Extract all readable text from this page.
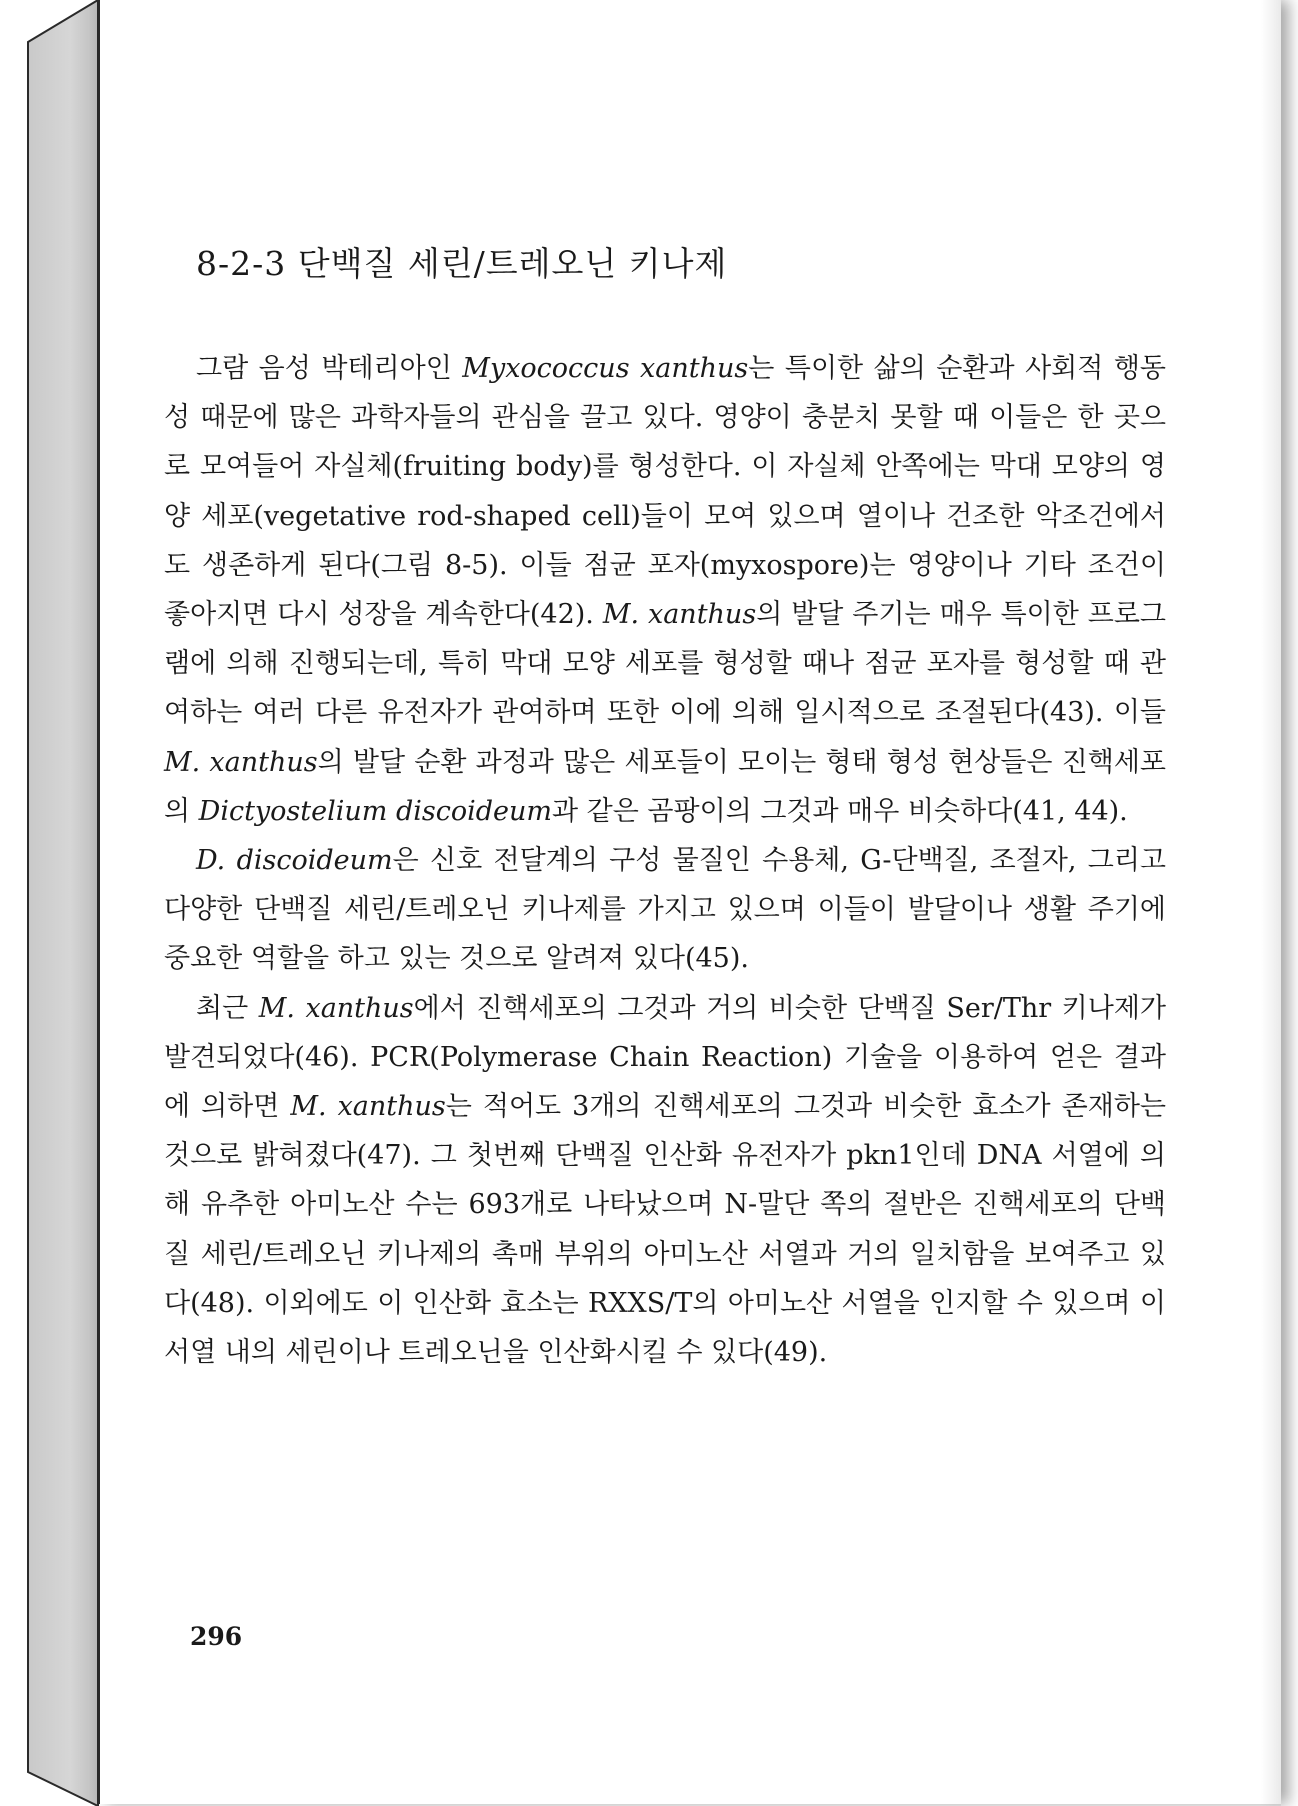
8-2-3 단백질 세린/트레오닌 키나제

그람 음성 박테리아인 Myxococcus xanthus는 특이한 삶의 순환과 사회적 행동성 때문에 많은 과학자들의 관심을 끌고 있다. 영양이 충분치 못할 때 이들은 한 곳으로 모여들어 자실체(fruiting body)를 형성한다. 이 자실체 안쪽에는 막대 모양의 영양 세포(vegetative rod-shaped cell)들이 모여 있으며 열이나 건조한 악조건에서도 생존하게 된다(그림 8-5). 이들 점균 포자(myxospore)는 영양이나 기타 조건이 좋아지면 다시 성장을 계속한다(42). M. xanthus의 발달 주기는 매우 특이한 프로그램에 의해 진행되는데, 특히 막대 모양 세포를 형성할 때나 점균 포자를 형성할 때 관여하는 여러 다른 유전자가 관여하며 또한 이에 의해 일시적으로 조절된다(43). 이들 M. xanthus의 발달 순환 과정과 많은 세포들이 모이는 형태 형성 현상들은 진핵세포의 Dictyostelium discoideum과 같은 곰팡이의 그것과 매우 비슷하다(41, 44).

D. discoideum은 신호 전달계의 구성 물질인 수용체, G-단백질, 조절자, 그리고 다양한 단백질 세린/트레오닌 키나제를 가지고 있으며 이들이 발달이나 생활 주기에 중요한 역할을 하고 있는 것으로 알려져 있다(45).

최근 M. xanthus에서 진핵세포의 그것과 거의 비슷한 단백질 Ser/Thr 키나제가 발견되었다(46). PCR(Polymerase Chain Reaction) 기술을 이용하여 얻은 결과에 의하면 M. xanthus는 적어도 3개의 진핵세포의 그것과 비슷한 효소가 존재하는 것으로 밝혀졌다(47). 그 첫번째 단백질 인산화 유전자가 pkn1인데 DNA 서열에 의해 유추한 아미노산 수는 693개로 나타났으며 N-말단 쪽의 절반은 진핵세포의 단백질 세린/트레오닌 키나제의 촉매 부위의 아미노산 서열과 거의 일치함을 보여주고 있다(48). 이외에도 이 인산화 효소는 RXXS/T의 아미노산 서열을 인지할 수 있으며 이 서열 내의 세린이나 트레오닌을 인산화시킬 수 있다(49).

296
